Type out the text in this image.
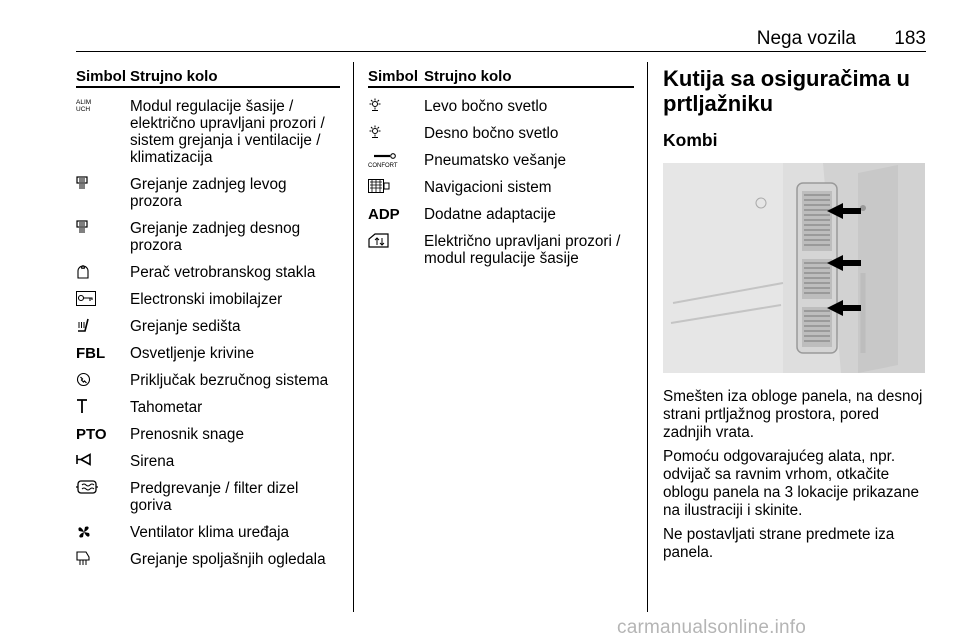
Nega vozila 183
Simbol Strujno kolo
ALIM
UCH	Modul regulacije šasije / električno upravljani prozori / sistem grejanja i ventilacije / klimatizacija
Grejanje zadnjeg levog prozora
Grejanje zadnjeg desnog prozora
Perač vetrobranskog stakla
Electronski imobilajzer
Grejanje sedišta
FBL	Osvetljenje krivine
Priključak bezručnog sistema
Tahometar
PTO	Prenosnik snage
Sirena
Predgrevanje / filter dizel goriva
Ventilator klima uređaja
Grejanje spoljašnjih ogledala
Simbol Strujno kolo
Levo bočno svetlo
Desno bočno svetlo
CONFORT Pneumatsko vešanje
Navigacioni sistem
ADP	Dodatne adaptacije
Električno upravljani prozori / modul regulacije šasije
Kutija sa osiguračima u prtljažniku
Kombi
Smešten iza obloge panela, na desnoj strani prtljažnog prostora, pored zadnjih vrata.
Pomoću odgovarajućeg alata, npr. odvijač sa ravnim vrhom, otkačite oblogu panela na 3 lokacije prikazane na ilustraciji i skinite.
Ne postavljati strane predmete iza panela.
carmanualsonline.info
